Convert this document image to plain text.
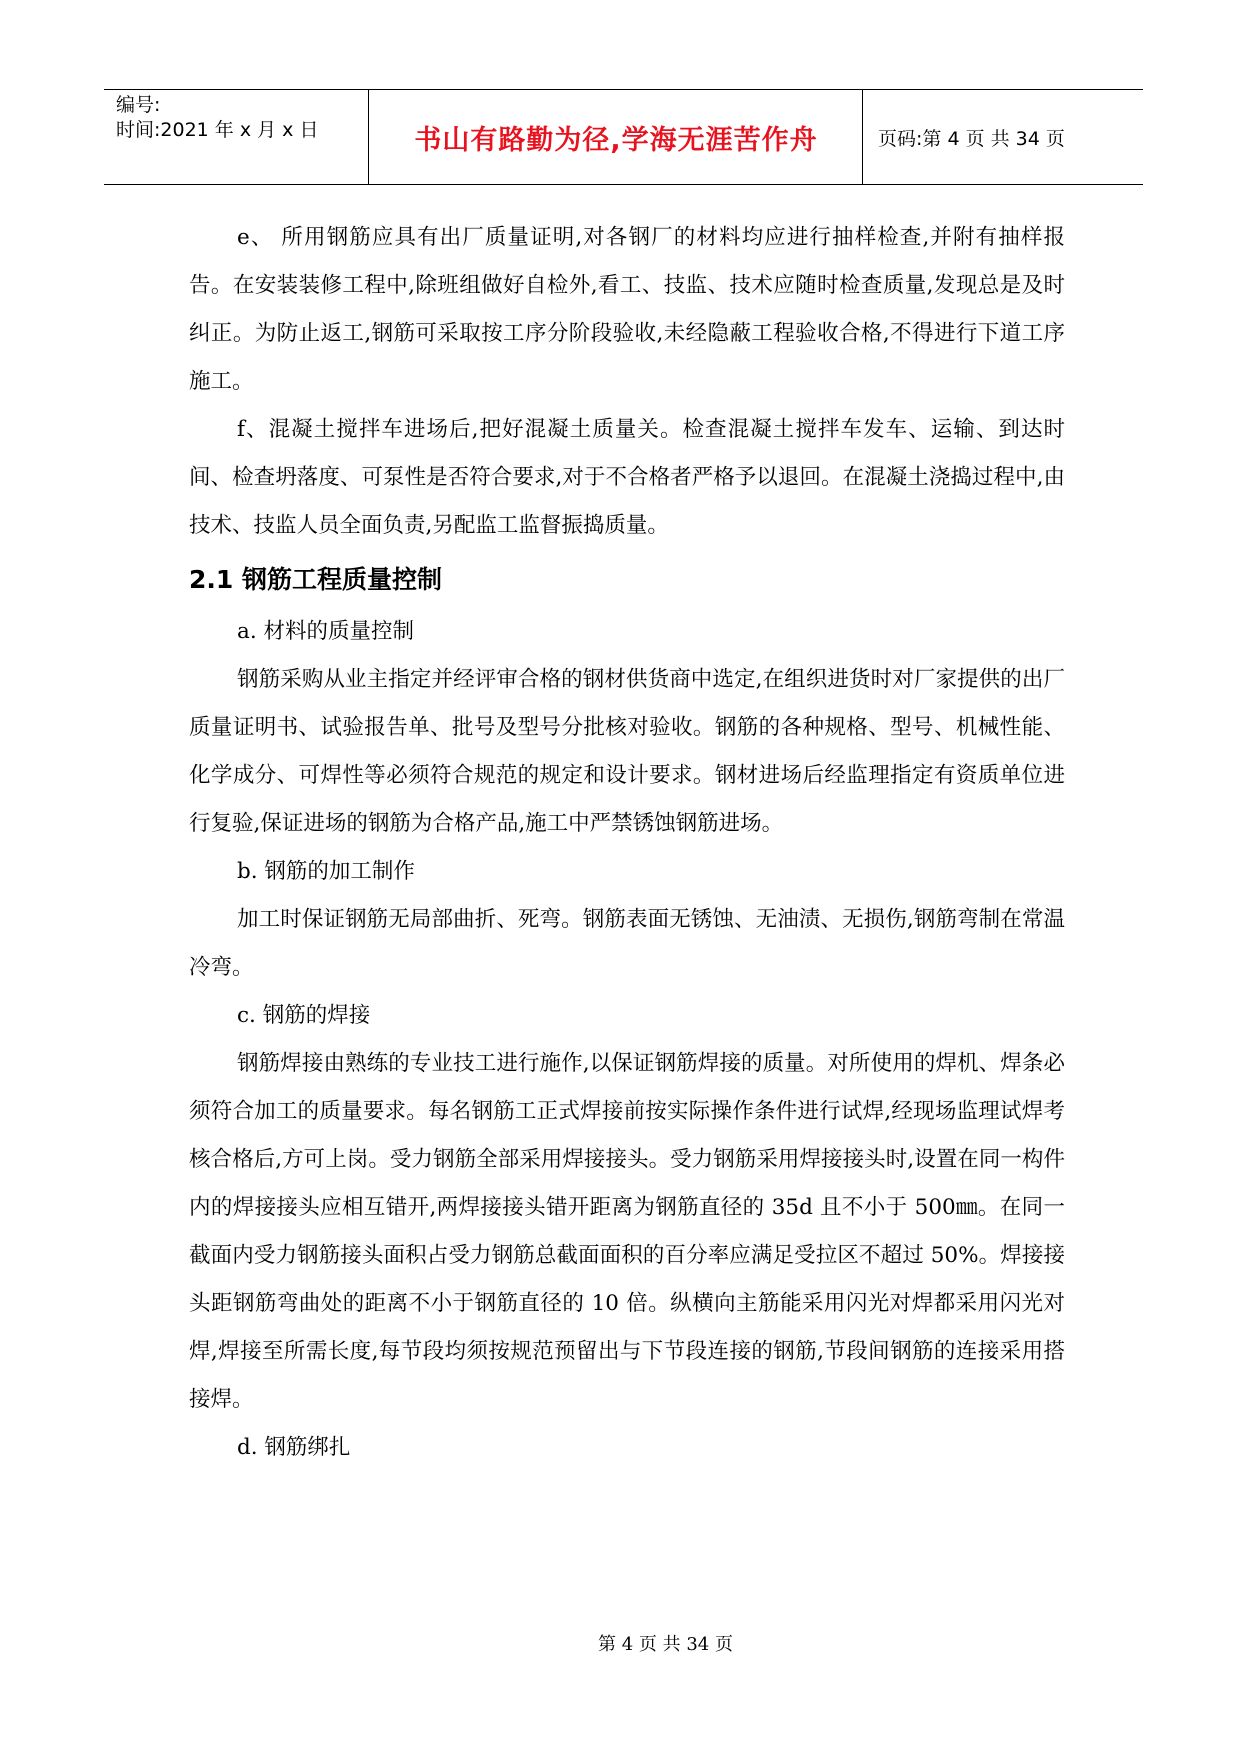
编号:
时间:2021 年 x 月 x 日	书山有路勤为径,学海无涯苦作舟	页码:第 4 页 共 34 页

e、 所用钢筋应具有出厂质量证明,对各钢厂的材料均应进行抽样检查,并附有抽样报告。在安装装修工程中,除班组做好自检外,看工、技监、技术应随时检查质量,发现总是及时纠正。为防止返工,钢筋可采取按工序分阶段验收,未经隐蔽工程验收合格,不得进行下道工序施工。

f、混凝土搅拌车进场后,把好混凝土质量关。检查混凝土搅拌车发车、运输、到达时间、检查坍落度、可泵性是否符合要求,对于不合格者严格予以退回。在混凝土浇捣过程中,由技术、技监人员全面负责,另配监工监督振捣质量。

2.1 钢筋工程质量控制

a. 材料的质量控制

钢筋采购从业主指定并经评审合格的钢材供货商中选定,在组织进货时对厂家提供的出厂质量证明书、试验报告单、批号及型号分批核对验收。钢筋的各种规格、型号、机械性能、化学成分、可焊性等必须符合规范的规定和设计要求。钢材进场后经监理指定有资质单位进行复验,保证进场的钢筋为合格产品,施工中严禁锈蚀钢筋进场。

b. 钢筋的加工制作

加工时保证钢筋无局部曲折、死弯。钢筋表面无锈蚀、无油渍、无损伤,钢筋弯制在常温冷弯。

c. 钢筋的焊接

钢筋焊接由熟练的专业技工进行施作,以保证钢筋焊接的质量。对所使用的焊机、焊条必须符合加工的质量要求。每名钢筋工正式焊接前按实际操作条件进行试焊,经现场监理试焊考核合格后,方可上岗。受力钢筋全部采用焊接接头。受力钢筋采用焊接接头时,设置在同一构件内的焊接接头应相互错开,两焊接接头错开距离为钢筋直径的 35d 且不小于 500㎜。在同一截面内受力钢筋接头面积占受力钢筋总截面面积的百分率应满足受拉区不超过 50%。焊接接头距钢筋弯曲处的距离不小于钢筋直径的 10 倍。纵横向主筋能采用闪光对焊都采用闪光对焊,焊接至所需长度,每节段均须按规范预留出与下节段连接的钢筋,节段间钢筋的连接采用搭接焊。

d. 钢筋绑扎

第 4 页 共 34 页
